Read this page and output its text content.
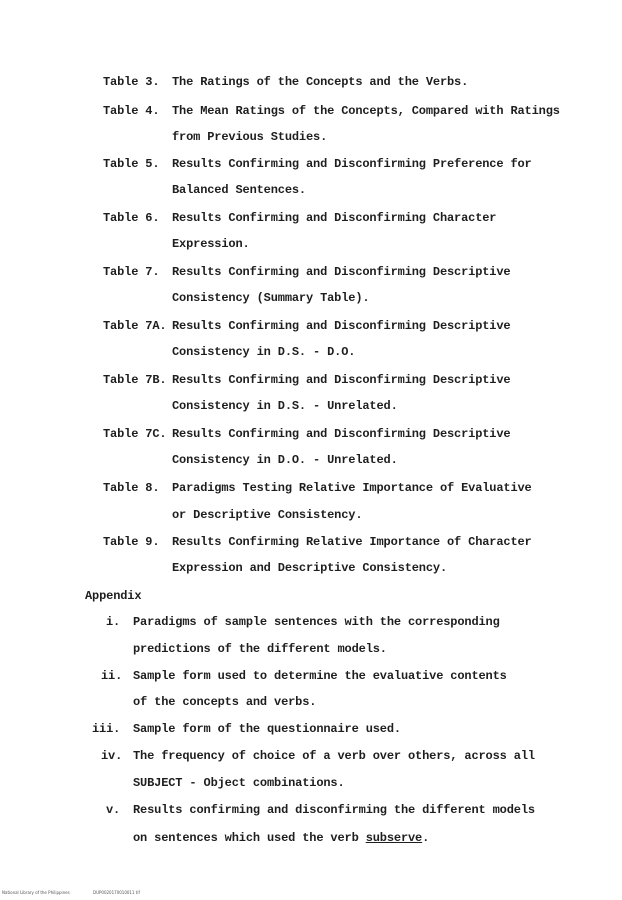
Table 3. The Ratings of the Concepts and the Verbs.
Table 4. The Mean Ratings of the Concepts, Compared with Ratings
from Previous Studies.
Table 5. Results Confirming and Disconfirming Preference for
Balanced Sentences.
Table 6. Results Confirming and Disconfirming Character
Expression.
Table 7. Results Confirming and Disconfirming Descriptive
Consistency (Summary Table).
Table 7A. Results Confirming and Disconfirming Descriptive
Consistency in D.S. - D.O.
Table 7B. Results Confirming and Disconfirming Descriptive
Consistency in D.S. - Unrelated.
Table 7C. Results Confirming and Disconfirming Descriptive
Consistency in D.O. - Unrelated.
Table 8. Paradigms Testing Relative Importance of Evaluative
or Descriptive Consistency.
Table 9. Results Confirming Relative Importance of Character
Expression and Descriptive Consistency.
Appendix
i. Paradigms of sample sentences with the corresponding
predictions of the different models.
ii. Sample form used to determine the evaluative contents
of the concepts and verbs.
iii. Sample form of the questionnaire used.
iv. The frequency of choice of a verb over others, across all
SUBJECT - Object combinations.
v. Results confirming and disconfirming the different models
on sentences which used the verb subserve.
National Library of the Philippines	DUP0020170010011 tif
